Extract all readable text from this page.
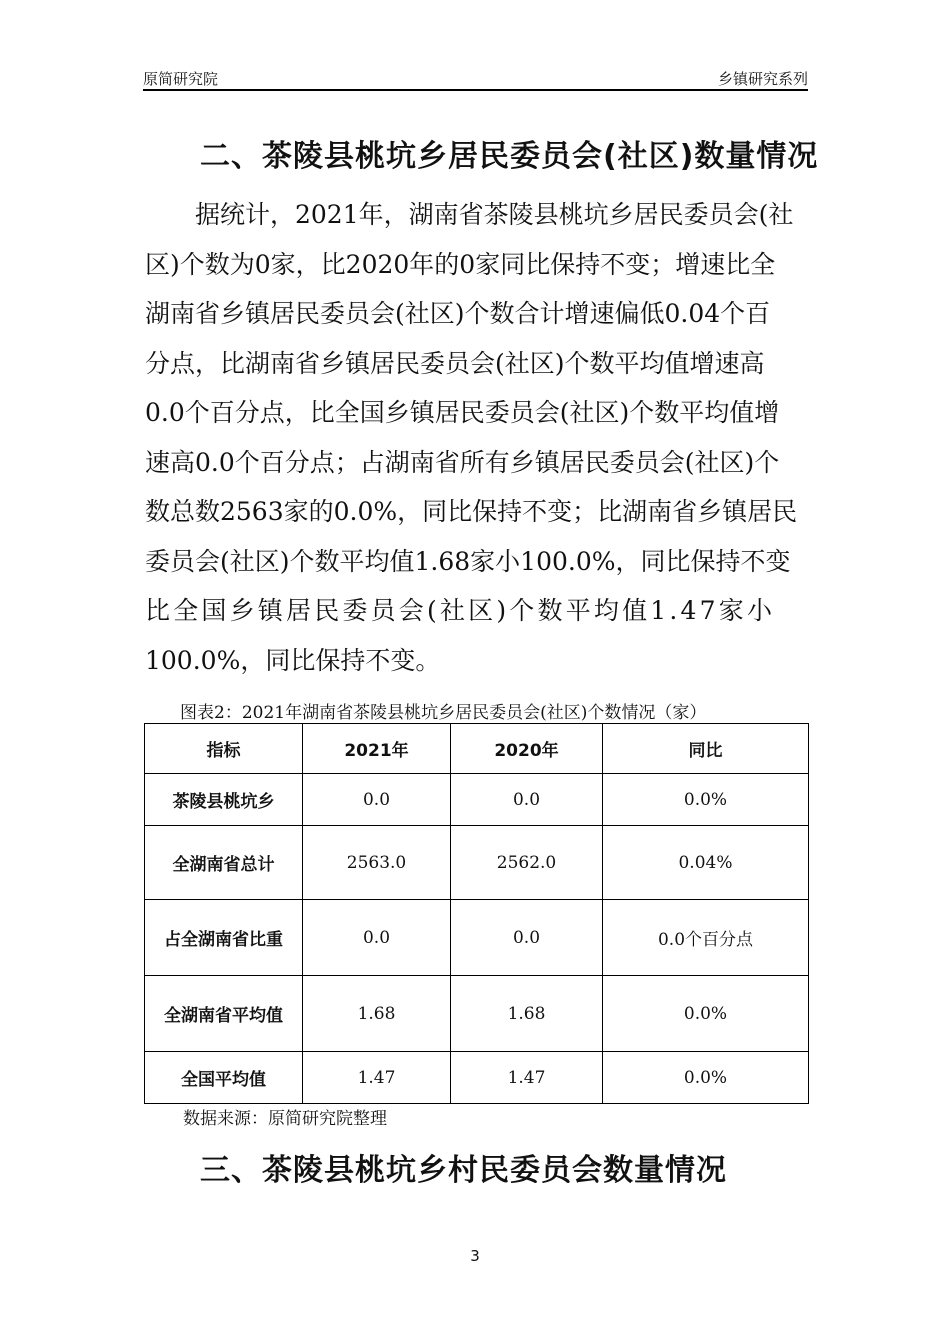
原简研究院	乡镇研究系列
二、茶陵县桃坑乡居民委员会(社区)数量情况
　　据统计，2021年，湖南省茶陵县桃坑乡居民委员会(社
区)个数为0家，比2020年的0家同比保持不变；增速比全
湖南省乡镇居民委员会(社区)个数合计增速偏低0.04个百
分点，比湖南省乡镇居民委员会(社区)个数平均值增速高
0.0个百分点，比全国乡镇居民委员会(社区)个数平均值增
速高0.0个百分点；占湖南省所有乡镇居民委员会(社区)个
数总数2563家的0.0%，同比保持不变；比湖南省乡镇居民
委员会(社区)个数平均值1.68家小100.0%，同比保持不变
比全国乡镇居民委员会(社区)个数平均值1.47家小
100.0%，同比保持不变。
图表2：2021年湖南省茶陵县桃坑乡居民委员会(社区)个数情况（家）
指标	2021年	2020年	同比
茶陵县桃坑乡	0.0	0.0	0.0%
全湖南省总计	2563.0	2562.0	0.04%
占全湖南省比重	0.0	0.0	0.0个百分点
全湖南省平均值	1.68	1.68	0.0%
全国平均值	1.47	1.47	0.0%
数据来源：原简研究院整理
三、茶陵县桃坑乡村民委员会数量情况
3
